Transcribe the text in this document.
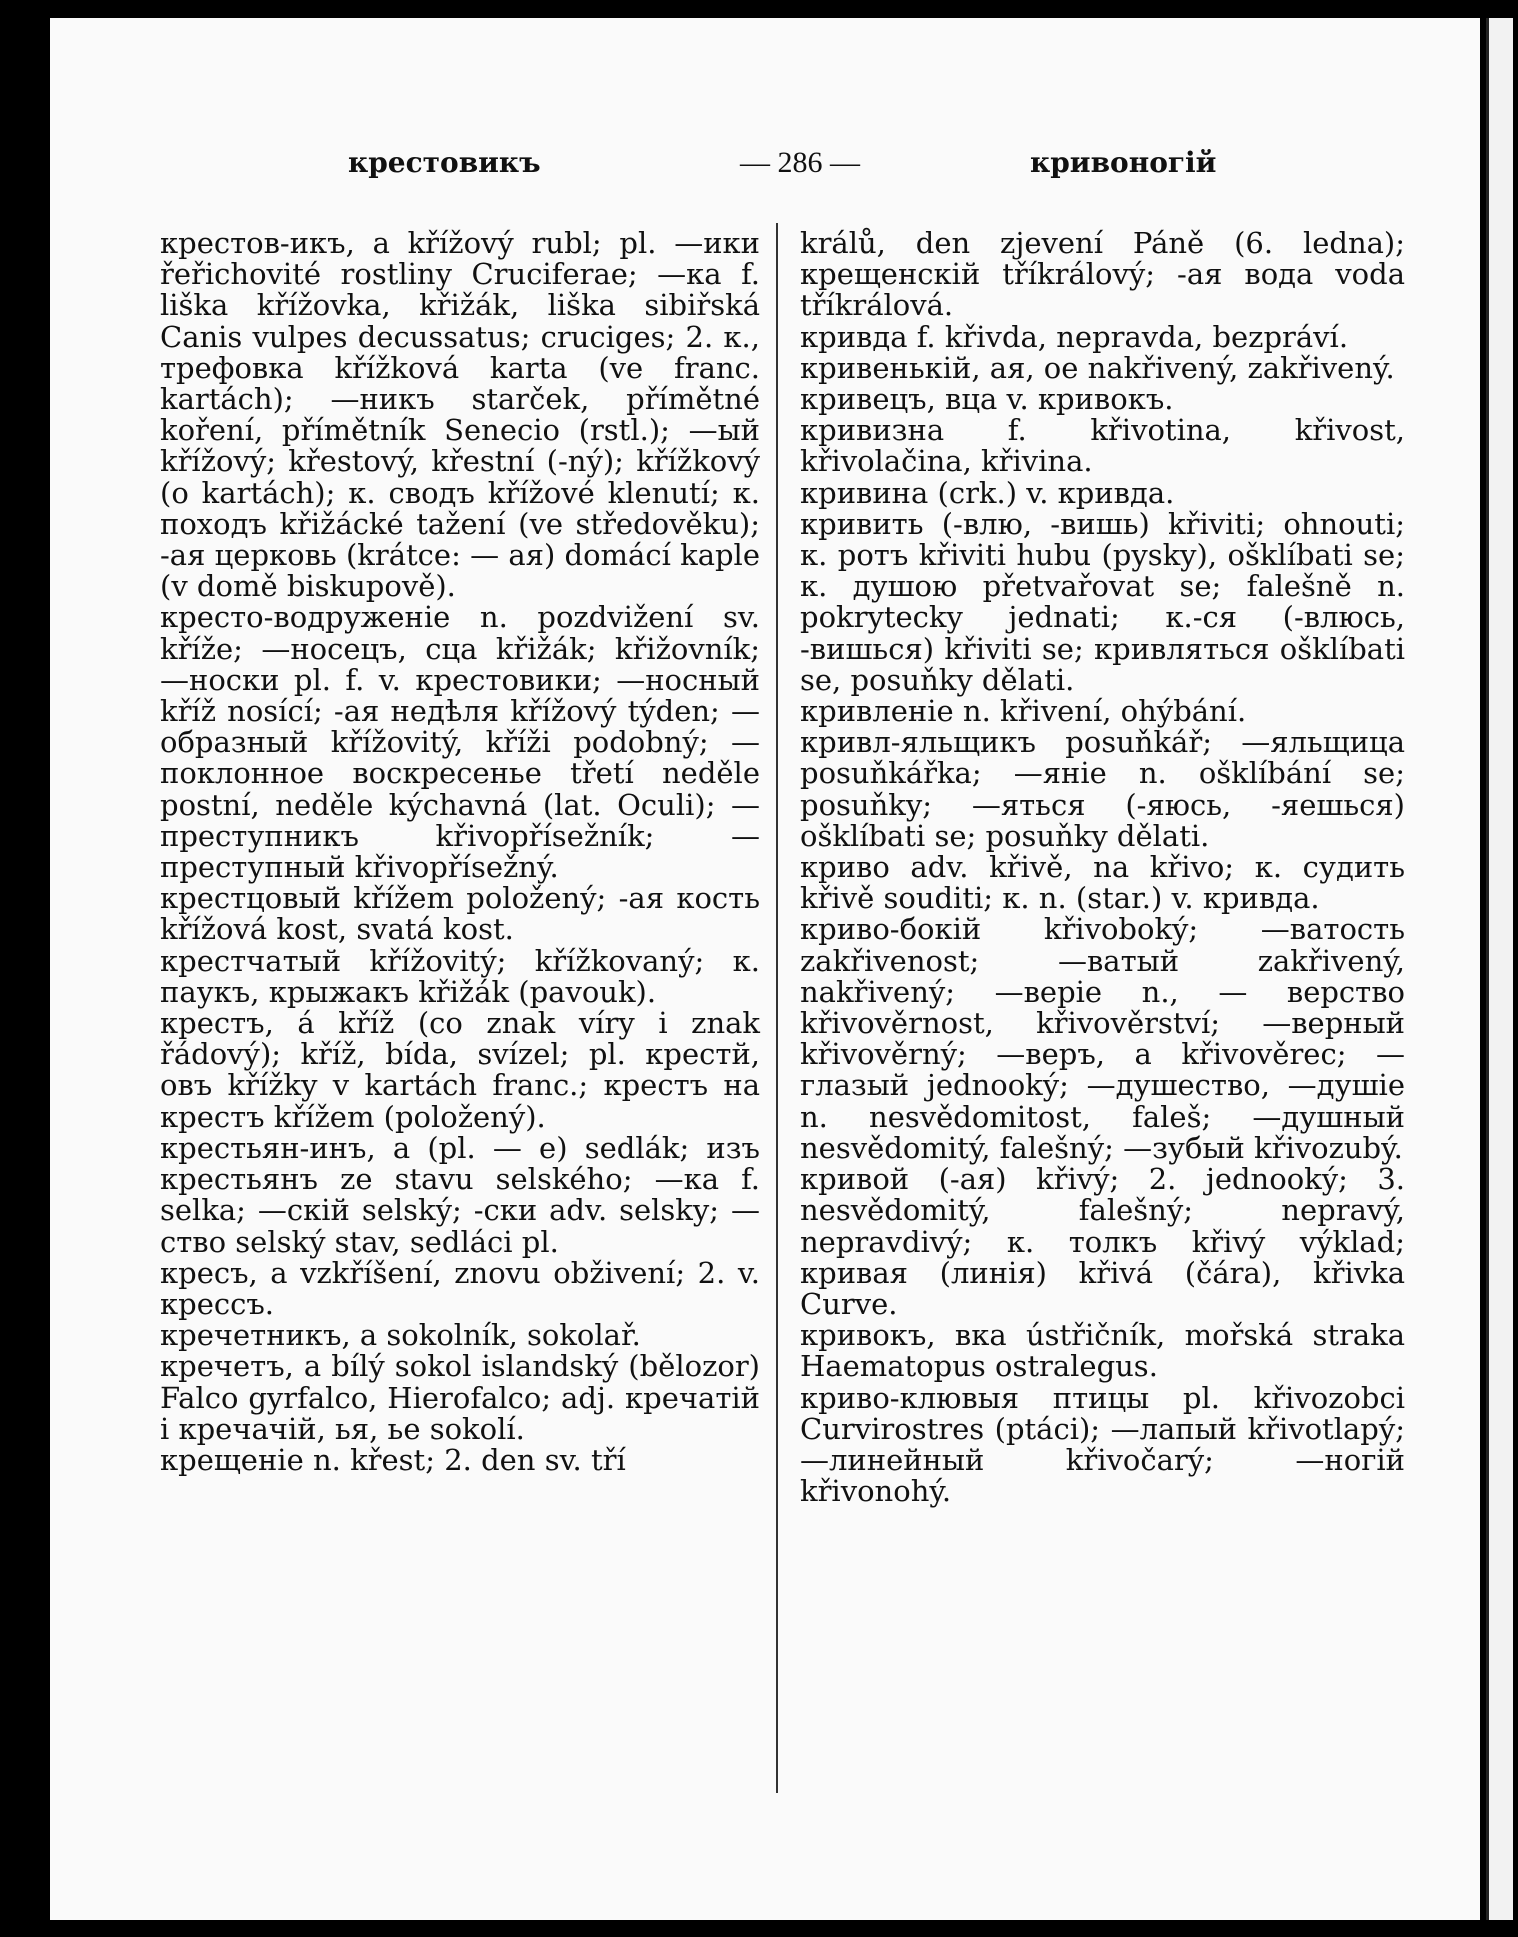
крестовикъ	— 286 —	кривоногій

крестов-икъ, a křížový rubl; pl. —ики řeřichovité rostliny Cruciferae; —ка f. liška křížovka, křižák, liška sibiřská Canis vulpes decussatus; cruciges; 2. к., трефовка křížková karta (ve franc. kartách); —никъ starček, přímětné koření, přímětník Senecio (rstl.); —ый křížový; křestový, křestní (-ný); křížkový (o kartách); к. сводъ křížové klenutí; к. походъ křižácké tažení (ve středověku); -ая церковь (krátce: — ая) domácí kaple (v domě biskupově).

кресто-водруженіе n. pozdvižení sv. kříže; —носецъ, сца křižák; křižovník; —носки pl. f. v. крестовики; —носный kříž nosící; -ая недѣля křížový týden; —образный křížovitý, kříži podobný; —поклонное воскресенье třetí neděle postní, neděle kýchavná (lat. Oculi); —преступникъ křivopřísežník; —преступный křivopřísežný.

крестцовый křížem položený; -ая кость křížová kost, svatá kost.

крестчатый křížovitý; křížkovaný; к. паукъ, крыжакъ křižák (pavouk).

крестъ, á kříž (co znak víry i znak řádový); kříž, bída, svízel; pl. крестй, овъ křížky v kartách franc.; крестъ на крестъ křížem (položený).

крестьян-инъ, a (pl. — e) sedlák; изъ крестьянъ ze stavu selského; —ка f. selka; —скій selský; -ски adv. selsky; —ство selský stav, sedláci pl.

кресъ, a vzkříšení, znovu obživení; 2. v. крессъ.

кречетникъ, a sokolník, sokolař.

кречетъ, a bílý sokol islandský (bělozor) Falco gyrfalco, Hierofalco; adj. кречатій i кречачій, ья, ье sokolí.

крещеніе n. křest; 2. den sv. tří

králů, den zjevení Páně (6. ledna); крещенскій tříkrálový; -ая вода voda tříkrálová.

кривда f. křivda, nepravda, bezpráví.

кривенькій, ая, ое nakřivený, zakřivený.

кривецъ, вца v. кривокъ.

кривизна f. křivotina, křivost, křivolačina, křivina.

кривина (crk.) v. кривда.

кривить (-влю, -вишь) křiviti; ohnouti; к. ротъ křiviti hubu (pysky), ošklíbati se; к. душою přetvařovat se; falešně n. pokrytecky jednati; к.-ся (-влюсь, -вишься) křiviti se; кривляться ošklíbati se, posuňky dělati.

кривленіе n. křivení, ohýbání.

кривл-яльщикъ posuňkář; —яльщица posuňkářka; —яніе n. ošklíbání se; posuňky; —яться (-яюсь, -яешься) ošklíbati se; posuňky dělati.

криво adv. křivě, na křivo; к. судить křivě souditi; к. n. (star.) v. кривда.

криво-бокій křivoboký; —ватость zakřivenost; —ватый zakřivený, nakřivený; —веріе n., — верство křivověrnost, křivověrství; —верный křivověrný; —веръ, a křivověrec; —глазый jednooký; —душество, —душіе n. nesvědomitost, faleš; —душный nesvědomitý, falešný; —зубый křivozubý.

кривой (-ая) křivý; 2. jednooký; 3. nesvědomitý, falešný; nepravý, nepravdivý; к. толкъ křivý výklad; кривая (линія) křivá (čára), křivka Curve.

кривокъ, вка ústřičník, mořská straka Haematopus ostralegus.

криво-клювыя птицы pl. křivozobci Curvirostres (ptáci); —лапый křivotlapý; —линейный křivočarý; —ногій křivonohý.
